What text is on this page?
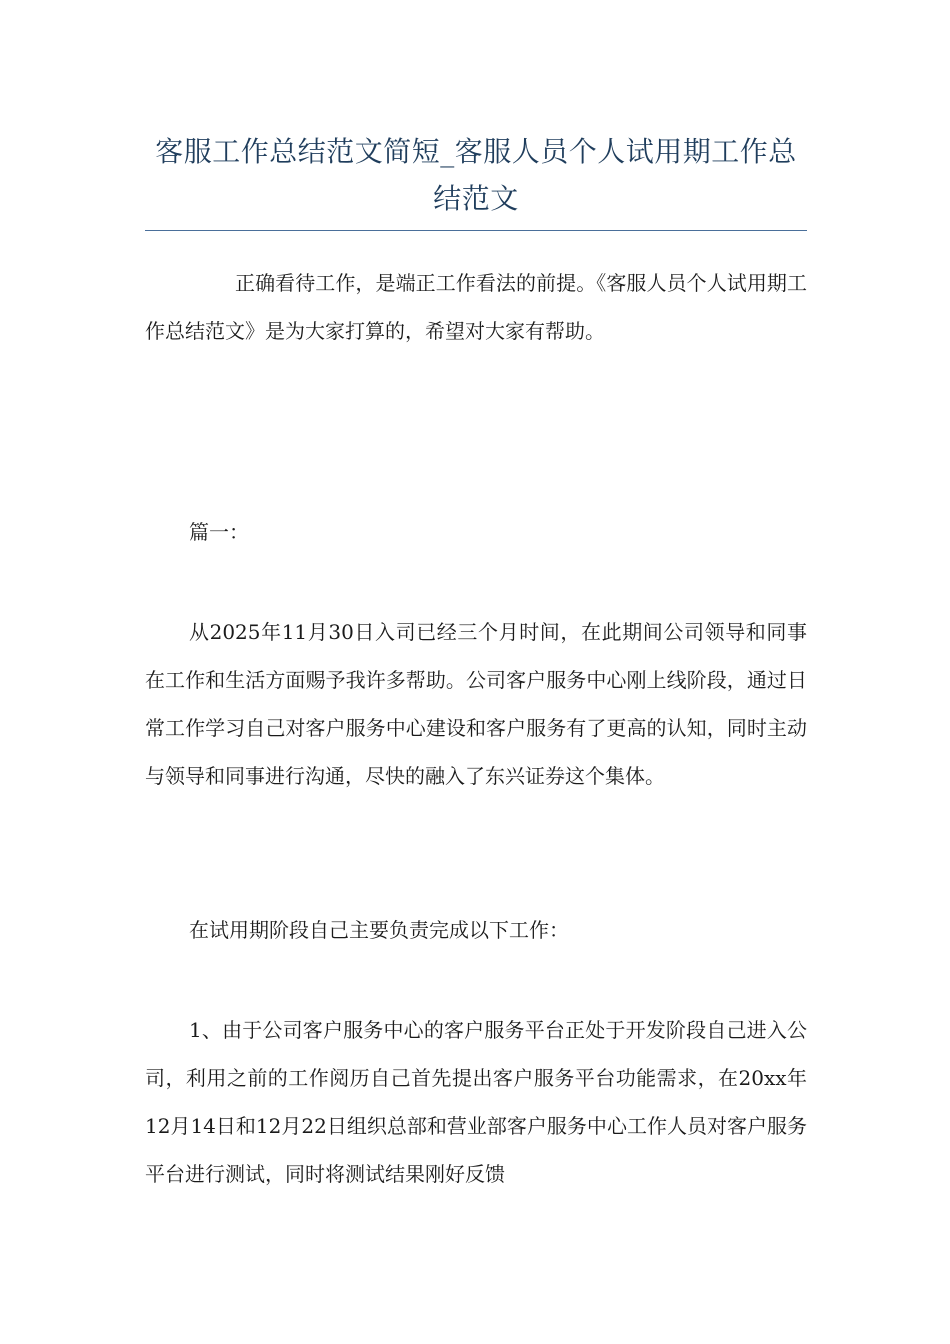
客服工作总结范文简短_客服人员个人试用期工作总结范文

正确看待工作，是端正工作看法的前提。《客服人员个人试用期工作总结范文》是为大家打算的，希望对大家有帮助。

篇一：

从2025年11月30日入司已经三个月时间，在此期间公司领导和同事在工作和生活方面赐予我许多帮助。公司客户服务中心刚上线阶段，通过日常工作学习自己对客户服务中心建设和客户服务有了更高的认知，同时主动与领导和同事进行沟通，尽快的融入了东兴证券这个集体。

在试用期阶段自己主要负责完成以下工作：

1、由于公司客户服务中心的客户服务平台正处于开发阶段自己进入公司，利用之前的工作阅历自己首先提出客户服务平台功能需求，在20xx年12月14日和12月22日组织总部和营业部客户服务中心工作人员对客户服务平台进行测试，同时将测试结果刚好反馈
